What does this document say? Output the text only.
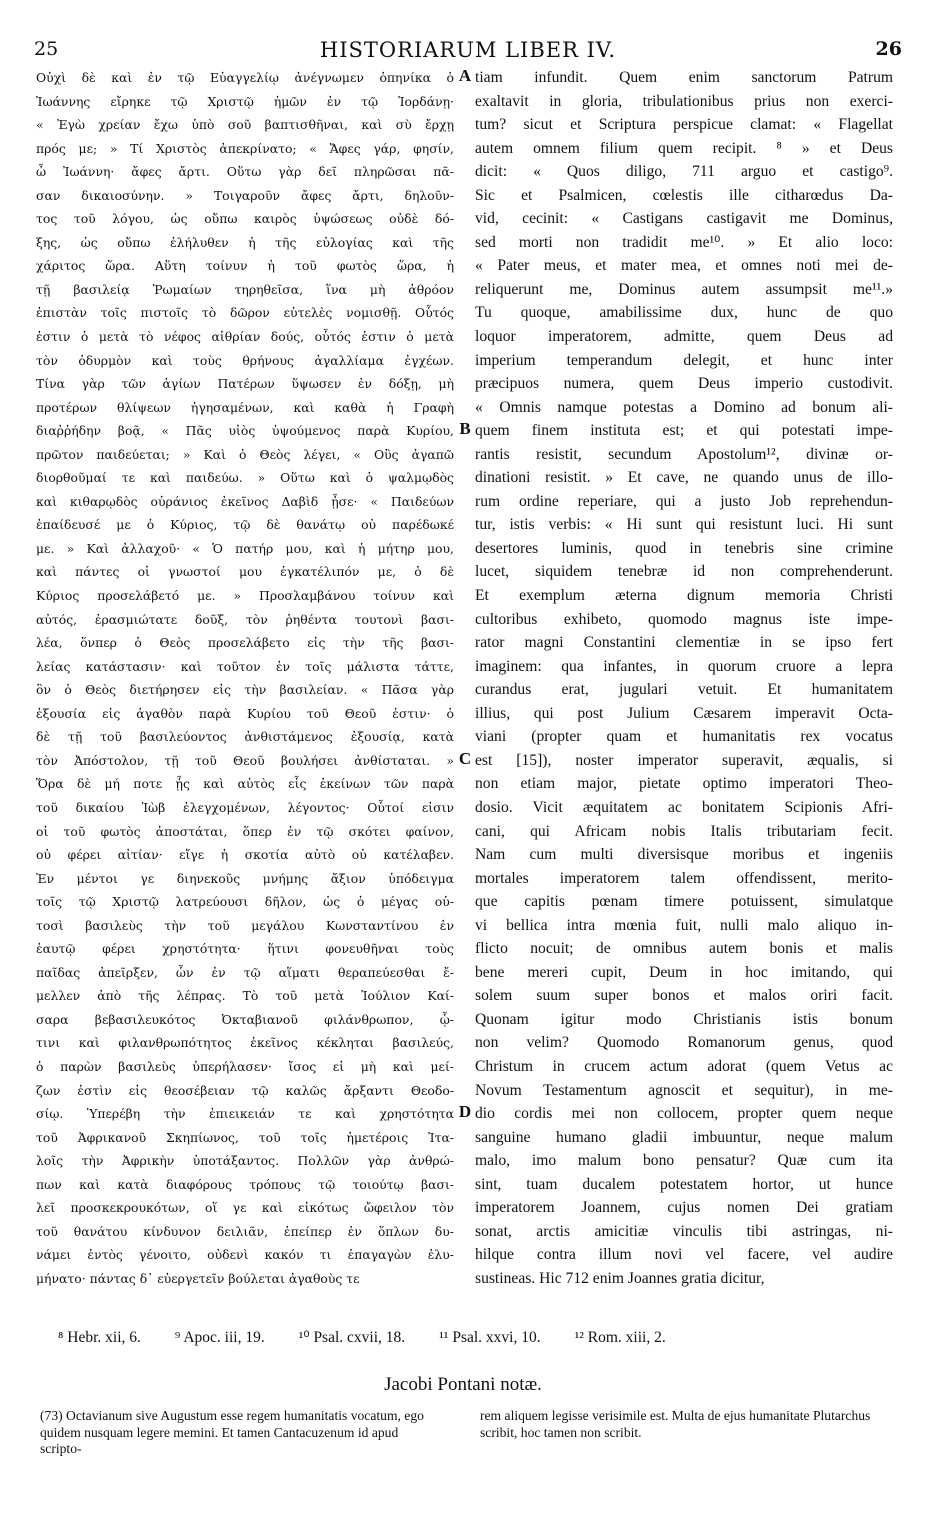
25	HISTORIARUM LIBER IV.	26
Οὐχὶ δὲ καὶ ἐν τῷ Εὐαγγελίῳ ἀνέγνωμεν ὁπηνίκα ὁ
Ἰωάννης εἴρηκε τῷ Χριστῷ ἡμῶν ἐν τῷ Ἰορδάνῃ·
« Ἐγὼ χρείαν ἔχω ὑπὸ σοῦ βαπτισθῆναι, καὶ σὺ ἔρχῃ
πρός με; » Τί Χριστὸς ἀπεκρίνατο; « Ἄφες γάρ, φησίν,
ὦ Ἰωάννη· ἄφες ἄρτι. Οὕτω γὰρ δεῖ πληρῶσαι πᾶ-
σαν δικαιοσύνην. » Τοιγαροῦν ἄφες ἄρτι, δηλοῦν-
τος τοῦ λόγου, ὡς οὔπω καιρὸς ὑψώσεως οὐδὲ δό-
ξης, ὡς οὔπω ἐλήλυθεν ἡ τῆς εὐλογίας καὶ τῆς
χάριτος ὥρα. Αὕτη τοίνυν ἡ τοῦ φωτὸς ὥρα, ἡ
τῇ βασιλείᾳ Ῥωμαίων τηρηθεῖσα, ἵνα μὴ ἀθρόον
ἐπιστὰν τοῖς πιστοῖς τὸ δῶρον εὐτελὲς νομισθῇ. Οὗτός
ἐστιν ὁ μετὰ τὸ νέφος αἰθρίαν δούς, οὗτός ἐστιν ὁ μετὰ
τὸν ὀδυρμὸν καὶ τοὺς θρήνους ἀγαλλίαμα ἐγχέων.
Τίνα γὰρ τῶν ἁγίων Πατέρων ὕψωσεν ἐν δόξῃ, μὴ
προτέρων θλίψεων ἡγησαμένων, καὶ καθὰ ἡ Γραφὴ
διαῤῥήδην βοᾷ, « Πᾶς υἱὸς ὑψούμενος παρὰ Κυρίου,
πρῶτον παιδεύεται; » Καὶ ὁ Θεὸς λέγει, « Οὓς ἀγαπῶ
διορθοῦμαί τε καὶ παιδεύω. » Οὕτω καὶ ὁ ψαλμῳδὸς
καὶ κιθαρῳδὸς οὐράνιος ἐκεῖνος Δαβὶδ ᾖσε· « Παιδεύων
ἐπαίδευσέ με ὁ Κύριος, τῷ δὲ θανάτῳ οὐ παρέδωκέ
με. » Καὶ ἀλλαχοῦ· « Ὁ πατήρ μου, καὶ ἡ μήτηρ μου,
καὶ πάντες οἱ γνωστοί μου ἐγκατέλιπόν με, ὁ δὲ
Κύριος προσελάβετό με. » Προσλαμβάνου τοίνυν καὶ
αὐτός, ἐρασμιώτατε δοῦξ, τὸν ῥηθέντα τουτονὶ βασι-
λέα, ὅνπερ ὁ Θεὸς προσελάβετο εἰς τὴν τῆς βασι-
λείας κατάστασιν· καὶ τοῦτον ἐν τοῖς μάλιστα τάττε,
ὃν ὁ Θεὸς διετήρησεν εἰς τὴν βασιλείαν. « Πᾶσα γὰρ
ἐξουσία εἰς ἀγαθὸν παρὰ Κυρίου τοῦ Θεοῦ ἐστιν· ὁ
δὲ τῇ τοῦ βασιλεύοντος ἀνθιστάμενος ἐξουσίᾳ, κατὰ
τὸν Ἀπόστολον, τῇ τοῦ Θεοῦ βουλήσει ἀνθίσταται. »
Ὅρα δὲ μή ποτε ᾖς καὶ αὐτὸς εἷς ἐκείνων τῶν παρὰ
τοῦ δικαίου Ἰὼβ ἐλεγχομένων, λέγοντος· Οὗτοί εἰσιν
οἱ τοῦ φωτὸς ἀποστάται, ὅπερ ἐν τῷ σκότει φαίνον,
οὐ φέρει αἰτίαν· εἴγε ἡ σκοτία αὐτὸ οὐ κατέλαβεν.
Ἐν μέντοι γε διηνεκοῦς μνήμης ἄξιον ὑπόδειγμα
τοῖς τῷ Χριστῷ λατρεύουσι δῆλον, ὡς ὁ μέγας οὑ-
τοσὶ βασιλεὺς τὴν τοῦ μεγάλου Κωνσταντίνου ἐν
ἑαυτῷ φέρει χρηστότητα· ἥτινι φονευθῆναι τοὺς
παῖδας ἀπεῖρξεν, ὧν ἐν τῷ αἵματι θεραπεύεσθαι ἔ-
μελλεν ἀπὸ τῆς λέπρας. Τὸ τοῦ μετὰ Ἰούλιον Καί-
σαρα βεβασιλευκότος Ὀκταβιανοῦ φιλάνθρωπον, ᾧ-
τινι καὶ φιλανθρωπότητος ἐκεῖνος κέκληται βασιλεύς,
ὁ παρὼν βασιλεὺς ὑπερήλασεν· ἴσος εἰ μὴ καὶ μεί-
ζων ἐστὶν εἰς θεοσέβειαν τῷ καλῶς ἄρξαντι Θεοδο-
σίῳ. Ὑπερέβη τὴν ἐπιεικειάν τε καὶ χρηστότητα
τοῦ Ἀφρικανοῦ Σκηπίωνος, τοῦ τοῖς ἡμετέροις Ἰτα-
λοῖς τὴν Ἀφρικὴν ὑποτάξαντος. Πολλῶν γὰρ ἀνθρώ-
πων καὶ κατὰ διαφόρους τρόπους τῷ τοιούτῳ βασι-
λεῖ προσκεκρουκότων, οἵ γε καὶ εἰκότως ὤφειλον τὸν
τοῦ θανάτου κίνδυνον δειλιᾶν, ἐπείπερ ἐν ὅπλων δυ-
νάμει ἐντὸς γένοιτο, οὐδενὶ κακόν τι ἐπαγαγὼν ἐλυ-
μήνατο· πάντας δ᾽ εὐεργετεῖν βούλεται ἀγαθοὺς τε
tiam infundit. Quem enim sanctorum Patrum
exaltavit in gloria, tribulationibus prius non exerci-
tum? sicut et Scriptura perspicue clamat: « Flagellat
autem omnem filium quem recipit. ⁸ » et Deus
dicit: « Quos diligo, 711 arguo et castigo⁹.
Sic et Psalmicen, cœlestis ille citharœdus Da-
vid, cecinit: « Castigans castigavit me Dominus,
sed morti non tradidit me¹⁰. » Et alio loco:
« Pater meus, et mater mea, et omnes noti mei de-
reliquerunt me, Dominus autem assumpsit me¹¹.»
Tu quoque, amabilissime dux, hunc de quo
loquor imperatorem, admitte, quem Deus ad
imperium temperandum delegit, et hunc inter
præcipuos numera, quem Deus imperio custodivit.
« Omnis namque potestas a Domino ad bonum ali-
quem finem instituta est; et qui potestati impe-
rantis resistit, secundum Apostolum¹², divinæ or-
dinationi resistit. » Et cave, ne quando unus de illo-
rum ordine reperiare, qui a justo Job reprehendun-
tur, istis verbis: « Hi sunt qui resistunt luci. Hi sunt
desertores luminis, quod in tenebris sine crimine
lucet, siquidem tenebræ id non comprehenderunt.
Et exemplum æterna dignum memoria Christi
cultoribus exhibeto, quomodo magnus iste impe-
rator magni Constantini clementiæ in se ipso fert
imaginem: qua infantes, in quorum cruore a lepra
curandus erat, jugulari vetuit. Et humanitatem
illius, qui post Julium Cæsarem imperavit Octa-
viani (propter quam et humanitatis rex vocatus
est [15]), noster imperator superavit, æqualis, si
non etiam major, pietate optimo imperatori Theo-
dosio. Vicit æquitatem ac bonitatem Scipionis Afri-
cani, qui Africam nobis Italis tributariam fecit.
Nam cum multi diversisque moribus et ingeniis
mortales imperatorem talem offendissent, merito-
que capitis pœnam timere potuissent, simulatque
vi bellica intra mœnia fuit, nulli malo aliquo in-
flicto nocuit; de omnibus autem bonis et malis
bene mereri cupit, Deum in hoc imitando, qui
solem suum super bonos et malos oriri facit.
Quonam igitur modo Christianis istis bonum
non velim? Quomodo Romanorum genus, quod
Christum in crucem actum adorat (quem Vetus ac
Novum Testamentum agnoscit et sequitur), in me-
dio cordis mei non collocem, propter quem neque
sanguine humano gladii imbuuntur, neque malum
malo, imo malum bono pensatur? Quæ cum ita
sint, tuam ducalem potestatem hortor, ut hunce
imperatorem Joannem, cujus nomen Dei gratiam
sonat, arctis amicitiæ vinculis tibi astringas, ni-
hilque contra illum novi vel facere, vel audire
sustineas. Hic 712 enim Joannes gratia dicitur,
A
B
C
D
⁸ Hebr. xii, 6. ⁹ Apoc. iii, 19. ¹⁰ Psal. cxvii, 18. ¹¹ Psal. xxvi, 10. ¹² Rom. xiii, 2.
Jacobi Pontani notæ.
(73) Octavianum sive Augustum esse regem humanitatis vocatum, ego quidem nusquam legere memini. Et tamen Cantacuzenum id apud scripto-
rem aliquem legisse verisimile est. Multa de ejus humanitate Plutarchus scribit, hoc tamen non scribit.
